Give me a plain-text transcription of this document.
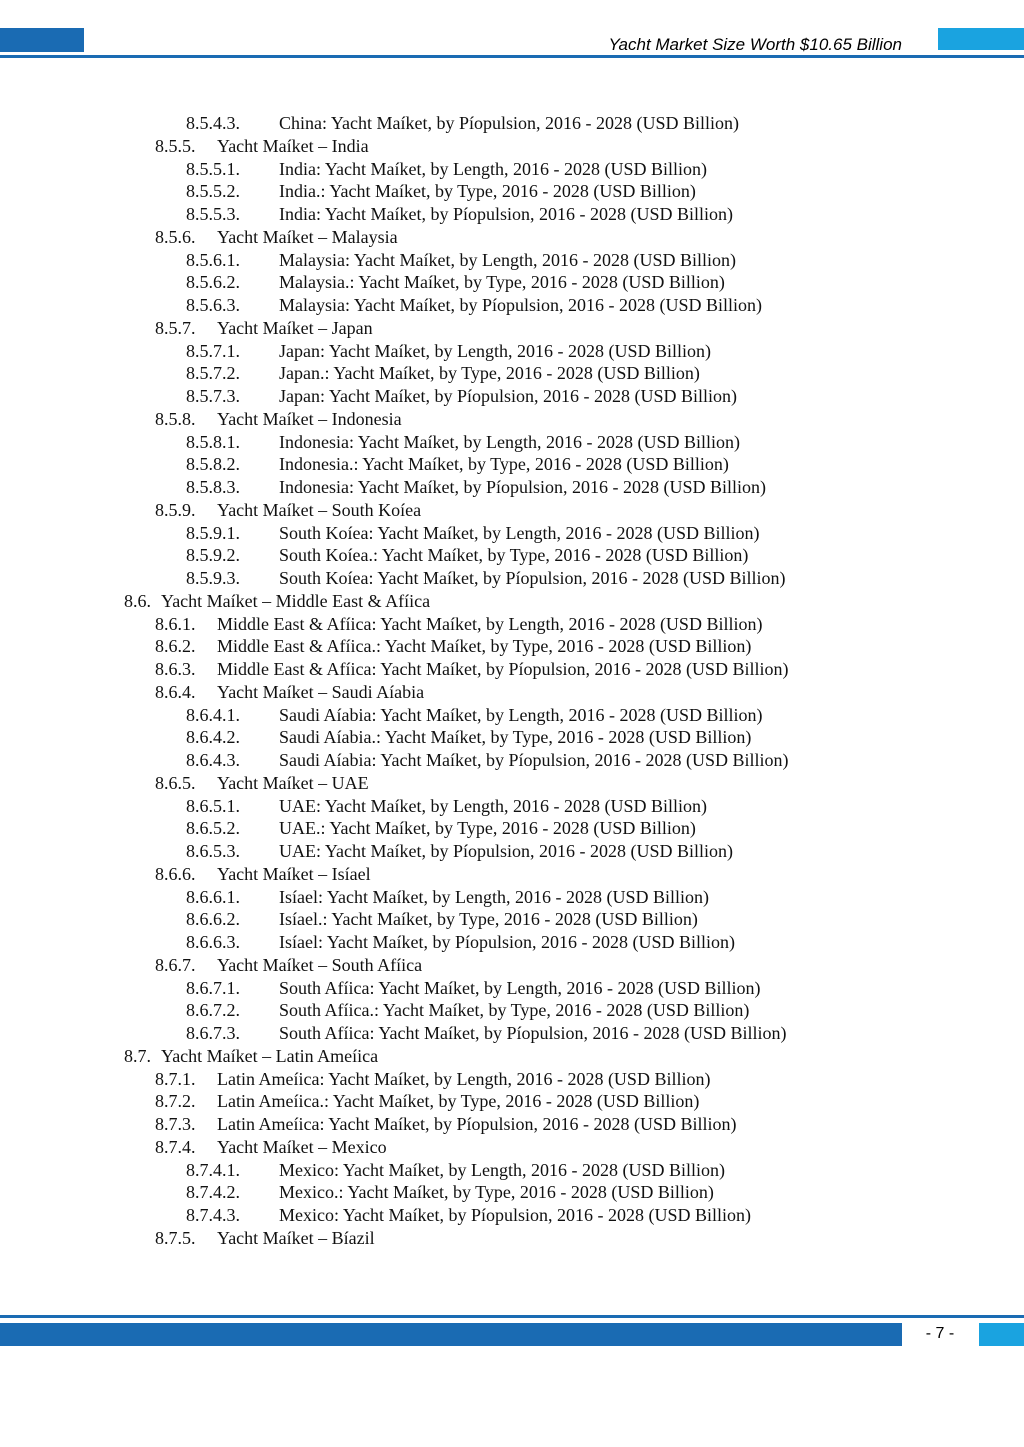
Yacht Market Size Worth $10.65 Billion
8.5.4.3. China: Yacht Maíket, by Píopulsion, 2016 - 2028 (USD Billion)
8.5.5. Yacht Maíket – India
8.5.5.1. India: Yacht Maíket, by Length, 2016 - 2028 (USD Billion)
8.5.5.2. India.: Yacht Maíket, by Type, 2016 - 2028 (USD Billion)
8.5.5.3. India: Yacht Maíket, by Píopulsion, 2016 - 2028 (USD Billion)
8.5.6. Yacht Maíket – Malaysia
8.5.6.1. Malaysia: Yacht Maíket, by Length, 2016 - 2028 (USD Billion)
8.5.6.2. Malaysia.: Yacht Maíket, by Type, 2016 - 2028 (USD Billion)
8.5.6.3. Malaysia: Yacht Maíket, by Píopulsion, 2016 - 2028 (USD Billion)
8.5.7. Yacht Maíket – Japan
8.5.7.1. Japan: Yacht Maíket, by Length, 2016 - 2028 (USD Billion)
8.5.7.2. Japan.: Yacht Maíket, by Type, 2016 - 2028 (USD Billion)
8.5.7.3. Japan: Yacht Maíket, by Píopulsion, 2016 - 2028 (USD Billion)
8.5.8. Yacht Maíket – Indonesia
8.5.8.1. Indonesia: Yacht Maíket, by Length, 2016 - 2028 (USD Billion)
8.5.8.2. Indonesia.: Yacht Maíket, by Type, 2016 - 2028 (USD Billion)
8.5.8.3. Indonesia: Yacht Maíket, by Píopulsion, 2016 - 2028 (USD Billion)
8.5.9. Yacht Maíket – South Koíea
8.5.9.1. South Koíea: Yacht Maíket, by Length, 2016 - 2028 (USD Billion)
8.5.9.2. South Koíea.: Yacht Maíket, by Type, 2016 - 2028 (USD Billion)
8.5.9.3. South Koíea: Yacht Maíket, by Píopulsion, 2016 - 2028 (USD Billion)
8.6. Yacht Maíket – Middle East & Afíica
8.6.1. Middle East & Afíica: Yacht Maíket, by Length, 2016 - 2028 (USD Billion)
8.6.2. Middle East & Afíica.: Yacht Maíket, by Type, 2016 - 2028 (USD Billion)
8.6.3. Middle East & Afíica: Yacht Maíket, by Píopulsion, 2016 - 2028 (USD Billion)
8.6.4. Yacht Maíket – Saudi Aíabia
8.6.4.1. Saudi Aíabia: Yacht Maíket, by Length, 2016 - 2028 (USD Billion)
8.6.4.2. Saudi Aíabia.: Yacht Maíket, by Type, 2016 - 2028 (USD Billion)
8.6.4.3. Saudi Aíabia: Yacht Maíket, by Píopulsion, 2016 - 2028 (USD Billion)
8.6.5. Yacht Maíket – UAE
8.6.5.1. UAE: Yacht Maíket, by Length, 2016 - 2028 (USD Billion)
8.6.5.2. UAE.: Yacht Maíket, by Type, 2016 - 2028 (USD Billion)
8.6.5.3. UAE: Yacht Maíket, by Píopulsion, 2016 - 2028 (USD Billion)
8.6.6. Yacht Maíket – Isíael
8.6.6.1. Isíael: Yacht Maíket, by Length, 2016 - 2028 (USD Billion)
8.6.6.2. Isíael.: Yacht Maíket, by Type, 2016 - 2028 (USD Billion)
8.6.6.3. Isíael: Yacht Maíket, by Píopulsion, 2016 - 2028 (USD Billion)
8.6.7. Yacht Maíket – South Afíica
8.6.7.1. South Afíica: Yacht Maíket, by Length, 2016 - 2028 (USD Billion)
8.6.7.2. South Afíica.: Yacht Maíket, by Type, 2016 - 2028 (USD Billion)
8.6.7.3. South Afíica: Yacht Maíket, by Píopulsion, 2016 - 2028 (USD Billion)
8.7. Yacht Maíket – Latin Ameíica
8.7.1. Latin Ameíica: Yacht Maíket, by Length, 2016 - 2028 (USD Billion)
8.7.2. Latin Ameíica.: Yacht Maíket, by Type, 2016 - 2028 (USD Billion)
8.7.3. Latin Ameíica: Yacht Maíket, by Píopulsion, 2016 - 2028 (USD Billion)
8.7.4. Yacht Maíket – Mexico
8.7.4.1. Mexico: Yacht Maíket, by Length, 2016 - 2028 (USD Billion)
8.7.4.2. Mexico.: Yacht Maíket, by Type, 2016 - 2028 (USD Billion)
8.7.4.3. Mexico: Yacht Maíket, by Píopulsion, 2016 - 2028 (USD Billion)
8.7.5. Yacht Maíket – Bíazil
- 7 -
